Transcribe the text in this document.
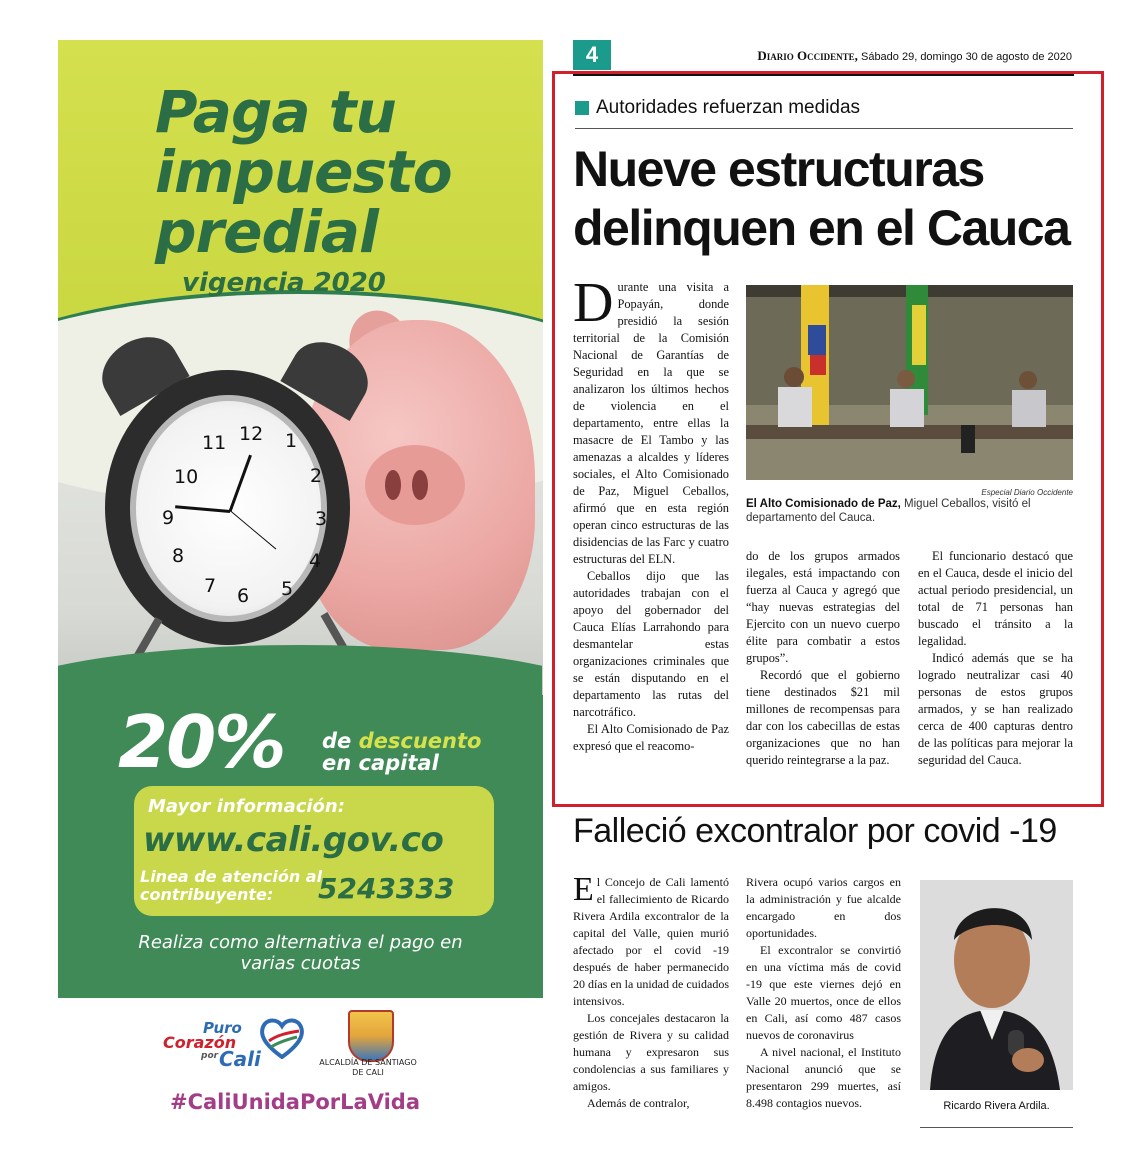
Paga tu
impuesto
predial
vigencia 2020
11 12 1
10	2
9	3
8	4
7 6 5
20% de descuento
en capital
Mayor información:
www.cali.gov.co
Linea de atención al contribuyente:	5243333
Realiza como alternativa el pago en varias cuotas
Puro
Corazón
por Cali	ALCALDÍA DE SANTIAGO DE CALI
#CaliUnidaPorLaVida
4	Diario Occidente, Sábado 29, domingo 30 de agosto de 2020
Autoridades refuerzan medidas
Nueve estructuras delinquen en el Cauca

Durante una visita a Popayán, donde presidió la sesión territorial de la Comisión Nacional de Garantías de Seguridad en la que se analizaron los últimos hechos de violencia en el departamento, entre ellas la masacre de El Tambo y las amenazas a alcaldes y líderes sociales, el Alto Comisionado de Paz, Miguel Ceballos, afirmó que en esta región operan cinco estructuras de las disidencias de las Farc y cuatro estructuras del ELN.

Ceballos dijo que las autoridades trabajan con el apoyo del gobernador del Cauca Elías Larrahondo para desmantelar estas organizaciones criminales que se están disputando en el departamento las rutas del narcotráfico.

El Alto Comisionado de Paz expresó que el reacomo-

Especial Diario Occidente
El Alto Comisionado de Paz, Miguel Ceballos, visitó el departamento del Cauca.

do de los grupos armados ilegales, está impactando con fuerza al Cauca y agregó que “hay nuevas estrategias del Ejercito con un nuevo cuerpo élite para combatir a estos grupos”.

Recordó que el gobierno tiene destinados $21 mil millones de recompensas para dar con los cabecillas de estas organizaciones que no han querido reintegrarse a la paz.

El funcionario destacó que en el Cauca, desde el inicio del actual periodo presidencial, un total de 71 personas han buscado el tránsito a la legalidad.

Indicó además que se ha logrado neutralizar casi 40 personas de estos grupos armados, y se han realizado cerca de 400 capturas dentro de las políticas para mejorar la seguridad del Cauca.

Falleció excontralor por covid -19

El Concejo de Cali lamentó el fallecimiento de Ricardo Rivera Ardila excontralor de la capital del Valle, quien murió afectado por el covid -19 después de haber permanecido 20 días en la unidad de cuidados intensivos.

Los concejales destacaron la gestión de Rivera y su calidad humana y expresaron sus condolencias a sus familiares y amigos.

Además de contralor,

Rivera ocupó varios cargos en la administración y fue alcalde encargado en dos oportunidades.

El excontralor se convirtió en una víctima más de covid -19 que este viernes dejó en Valle 20 muertos, once de ellos en Cali, así como 487 casos nuevos de coronavirus

A nivel nacional, el Instituto Nacional anunció que se presentaron 299 muertes, así 8.498 contagios nuevos.	Ricardo Rivera Ardila.
